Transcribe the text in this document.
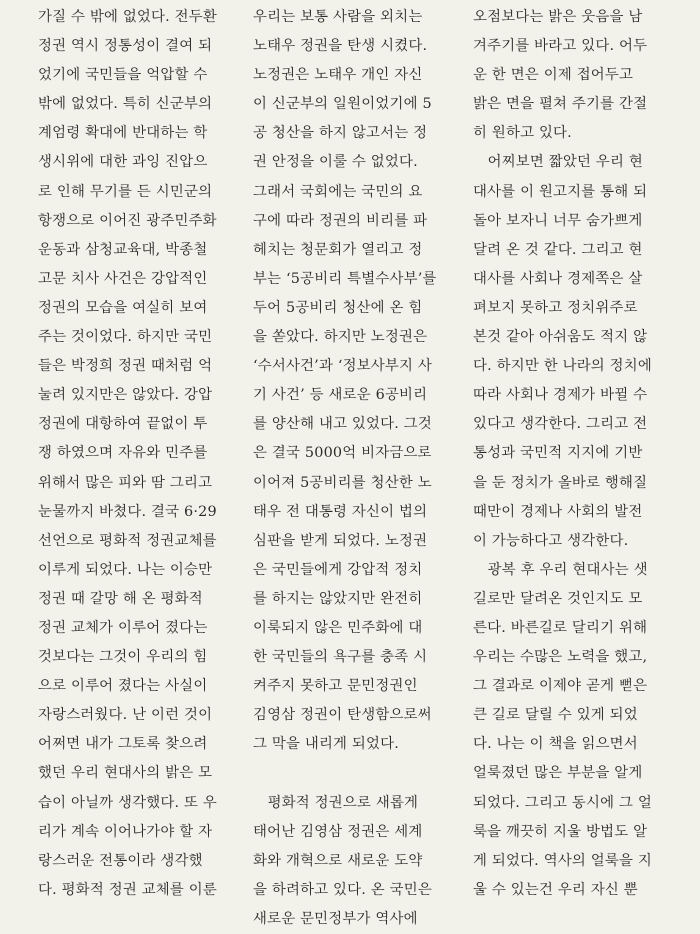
가질 수 밖에 없었다. 전두환
정권 역시 정통성이 결여 되
었기에 국민들을 억압할 수
밖에 없었다. 특히 신군부의
계엄령 확대에 반대하는 학
생시위에 대한 과잉 진압으
로 인해 무기를 든 시민군의
항쟁으로 이어진 광주민주화
운동과 삼청교육대, 박종철
고문 치사 사건은 강압적인
정권의 모습을 여실히 보여
주는 것이었다. 하지만 국민
들은 박정희 정권 때처럼 억
눌려 있지만은 않았다. 강압
정권에 대항하여 끝없이 투
쟁 하였으며 자유와 민주를
위해서 많은 피와 땀 그리고
눈물까지 바쳤다. 결국 6·29
선언으로 평화적 정권교체를
이루게 되었다. 나는 이승만
정권 때 갈망 해 온 평화적
정권 교체가 이루어 졌다는
것보다는 그것이 우리의 힘
으로 이루어 졌다는 사실이
자랑스러웠다. 난 이런 것이
어쩌면 내가 그토록 찾으려
했던 우리 현대사의 밝은 모
습이 아닐까 생각했다. 또 우
리가 계속 이어나가야 할 자
랑스러운 전통이라 생각했
다. 평화적 정권 교체를 이룬
우리는 보통 사람을 외치는
노태우 정권을 탄생 시켰다.
노정권은 노태우 개인 자신
이 신군부의 일원이었기에 5
공 청산을 하지 않고서는 정
권 안정을 이룰 수 없었다.
그래서 국회에는 국민의 요
구에 따라 정권의 비리를 파
헤치는 청문회가 열리고 정
부는 ‘5공비리 특별수사부’를
두어 5공비리 청산에 온 힘
을 쏟았다. 하지만 노정권은
‘수서사건’과 ‘정보사부지 사
기 사건’ 등 새로운 6공비리
를 양산해 내고 있었다. 그것
은 결국 5000억 비자금으로
이어져 5공비리를 청산한 노
태우 전 대통령 자신이 법의
심판을 받게 되었다. 노정권
은 국민들에게 강압적 정치
를 하지는 않았지만 완전히
이룩되지 않은 민주화에 대
한 국민들의 욕구를 충족 시
켜주지 못하고 문민정권인
김영삼 정권이 탄생함으로써
그 막을 내리게 되었다.
　평화적 정권으로 새롭게
태어난 김영삼 정권은 세계
화와 개혁으로 새로운 도약
을 하려하고 있다. 온 국민은
새로운 문민정부가 역사에
오점보다는 밝은 웃음을 남
겨주기를 바라고 있다. 어두
운 한 면은 이제 접어두고
밝은 면을 펼쳐 주기를 간절
히 원하고 있다.
　어찌보면 짧았던 우리 현
대사를 이 원고지를 통해 되
돌아 보자니 너무 숨가쁘게
달려 온 것 같다. 그리고 현
대사를 사회나 경제쪽은 살
펴보지 못하고 정치위주로
본것 같아 아쉬움도 적지 않
다. 하지만 한 나라의 정치에
따라 사회나 경제가 바뀔 수
있다고 생각한다. 그리고 전
통성과 국민적 지지에 기반
을 둔 정치가 올바로 행해질
때만이 경제나 사회의 발전
이 가능하다고 생각한다.
　광복 후 우리 현대사는 샛
길로만 달려온 것인지도 모
른다. 바른길로 달리기 위해
우리는 수많은 노력을 했고,
그 결과로 이제야 곧게 뻗은
큰 길로 달릴 수 있게 되었
다. 나는 이 책을 읽으면서
얼룩졌던 많은 부분을 알게
되었다. 그리고 동시에 그 얼
룩을 깨끗히 지울 방법도 알
게 되었다. 역사의 얼룩을 지
울 수 있는건 우리 자신 뿐
